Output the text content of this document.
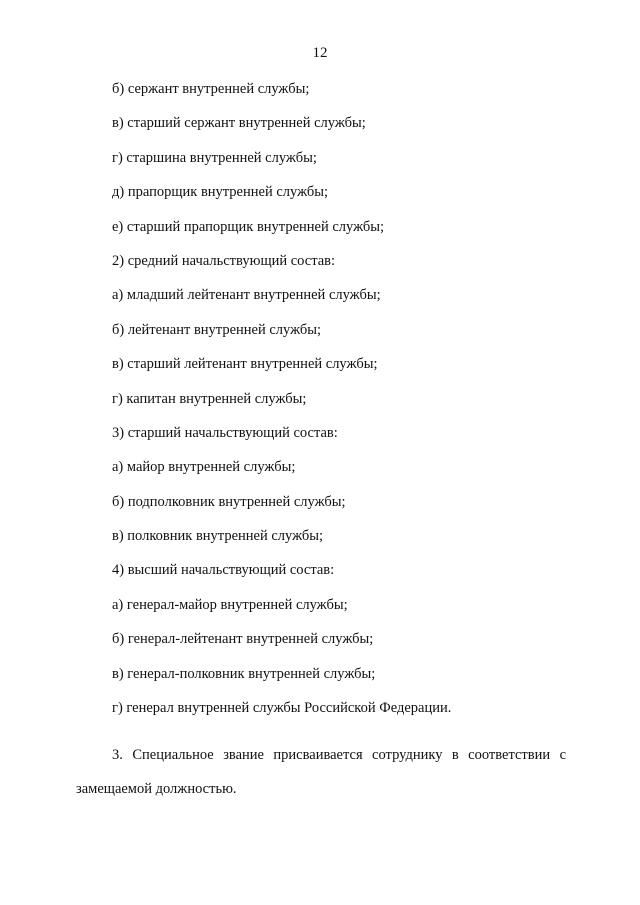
12
б) сержант внутренней службы;
в) старший сержант внутренней службы;
г) старшина внутренней службы;
д) прапорщик внутренней службы;
е) старший прапорщик внутренней службы;
2) средний начальствующий состав:
а) младший лейтенант внутренней службы;
б) лейтенант внутренней службы;
в) старший лейтенант внутренней службы;
г) капитан внутренней службы;
3) старший начальствующий состав:
а) майор внутренней службы;
б) подполковник внутренней службы;
в) полковник внутренней службы;
4) высший начальствующий состав:
а) генерал-майор внутренней службы;
б) генерал-лейтенант внутренней службы;
в) генерал-полковник внутренней службы;
г) генерал внутренней службы Российской Федерации.

3. Специальное звание присваивается сотруднику в соответствии с замещаемой должностью.
